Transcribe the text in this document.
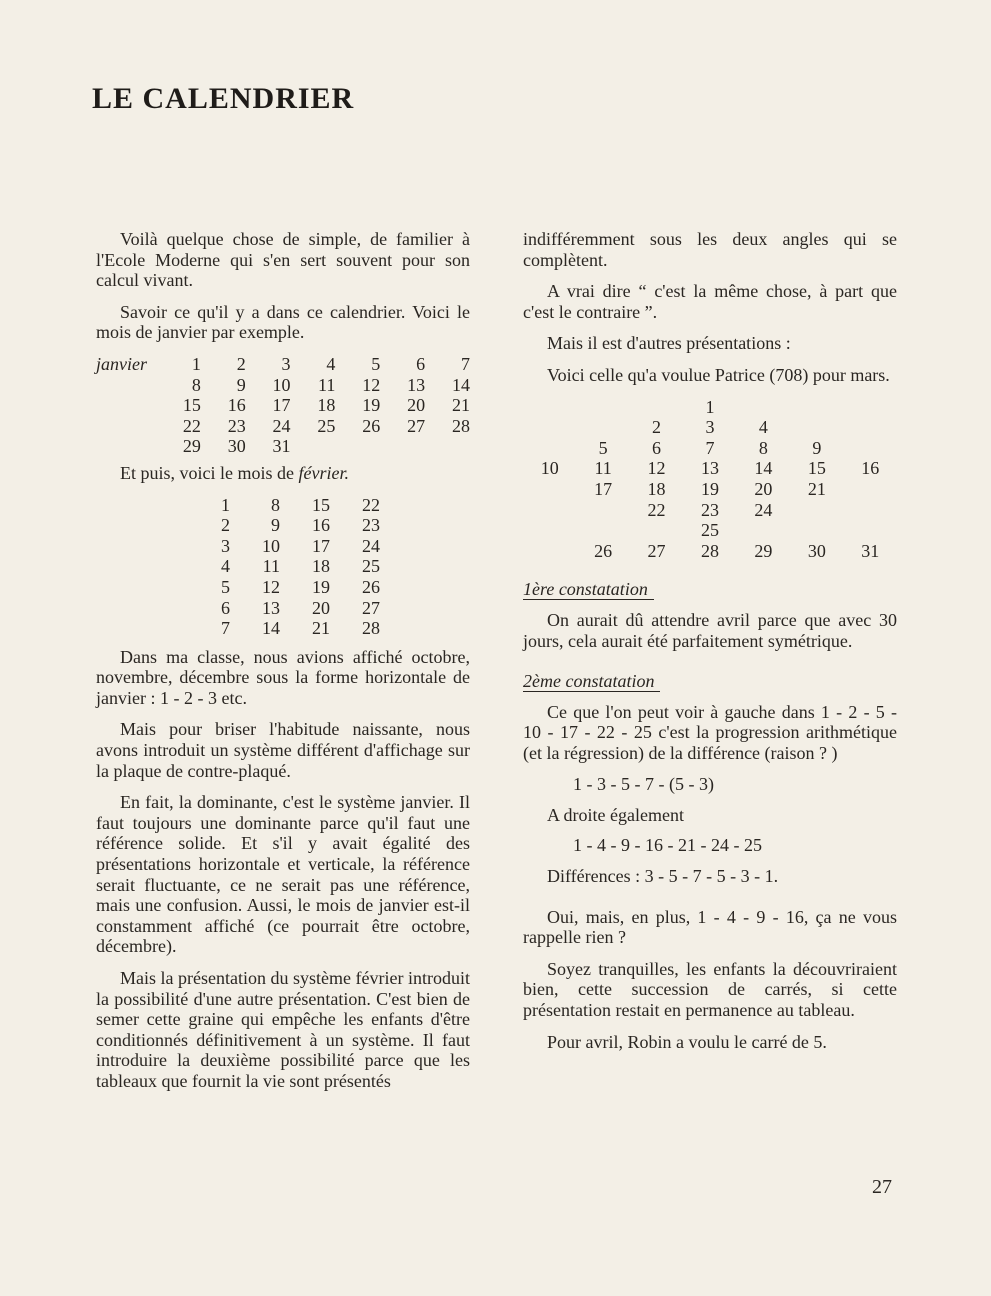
LE CALENDRIER

Voilà quelque chose de simple, de familier à l'Ecole Moderne qui s'en sert souvent pour son calcul vivant.

Savoir ce qu'il y a dans ce calendrier. Voici le mois de janvier par exemple.

janvier	1	2	3	4	5	6	7
	8	9	10	11	12	13	14
	15	16	17	18	19	20	21
	22	23	24	25	26	27	28
	29	30	31				

Et puis, voici le mois de février.

1	8	15	22
2	9	16	23
3	10	17	24
4	11	18	25
5	12	19	26
6	13	20	27
7	14	21	28

Dans ma classe, nous avions affiché octobre, novembre, décembre sous la forme horizontale de janvier : 1 - 2 - 3 etc.

Mais pour briser l'habitude naissante, nous avons introduit un système différent d'affichage sur la plaque de contre-plaqué.

En fait, la dominante, c'est le système janvier. Il faut toujours une dominante parce qu'il faut une référence solide. Et s'il y avait égalité des présentations horizontale et verticale, la référence serait fluctuante, ce ne serait pas une référence, mais une confusion. Aussi, le mois de janvier est-il constamment affiché (ce pourrait être octobre, décembre).

Mais la présentation du système février introduit la possibilité d'une autre présentation. C'est bien de semer cette graine qui empêche les enfants d'être conditionnés définitivement à un système. Il faut introduire la deuxième possibilité parce que les tableaux que fournit la vie sont présentés

indifféremment sous les deux angles qui se complètent.

A vrai dire “ c'est la même chose, à part que c'est le contraire ”.

Mais il est d'autres présentations :

Voici celle qu'a voulue Patrice (708) pour mars.

			1			
		2	3	4		
	5	6	7	8	9	
10	11	12	13	14	15	16
	17	18	19	20	21	
		22	23	24		
			25			
	26	27	28	29	30	31
1ère constatation

On aurait dû attendre avril parce que avec 30 jours, cela aurait été parfaitement symétrique.

2ème constatation

Ce que l'on peut voir à gauche dans 1 - 2 - 5 - 10 - 17 - 22 - 25 c'est la progression arithmétique (et la régression) de la différence (raison ? )

1 - 3 - 5 - 7 - (5 - 3)
A droite également
1 - 4 - 9 - 16 - 21 - 24 - 25
Différences : 3 - 5 - 7 - 5 - 3 - 1.

Oui, mais, en plus, 1 - 4 - 9 - 16, ça ne vous rappelle rien ?

Soyez tranquilles, les enfants la découvriraient bien, cette succession de carrés, si cette présentation restait en permanence au tableau.

Pour avril, Robin a voulu le carré de 5.

27
